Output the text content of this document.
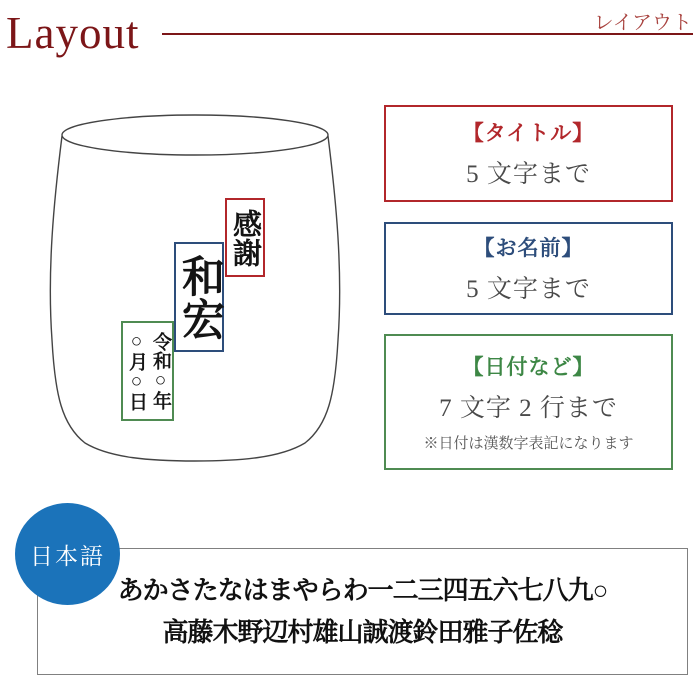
Layout	レイアウト
感謝
和宏
令和○年
○月○日
【タイトル】
5 文字まで
【お名前】
5 文字まで
【日付など】
7 文字 2 行まで
※日付は漢数字表記になります
日本語
あかさたなはまやらわ一二三四五六七八九○
高藤木野辺村雄山誠渡鈴田雅子佐稔
